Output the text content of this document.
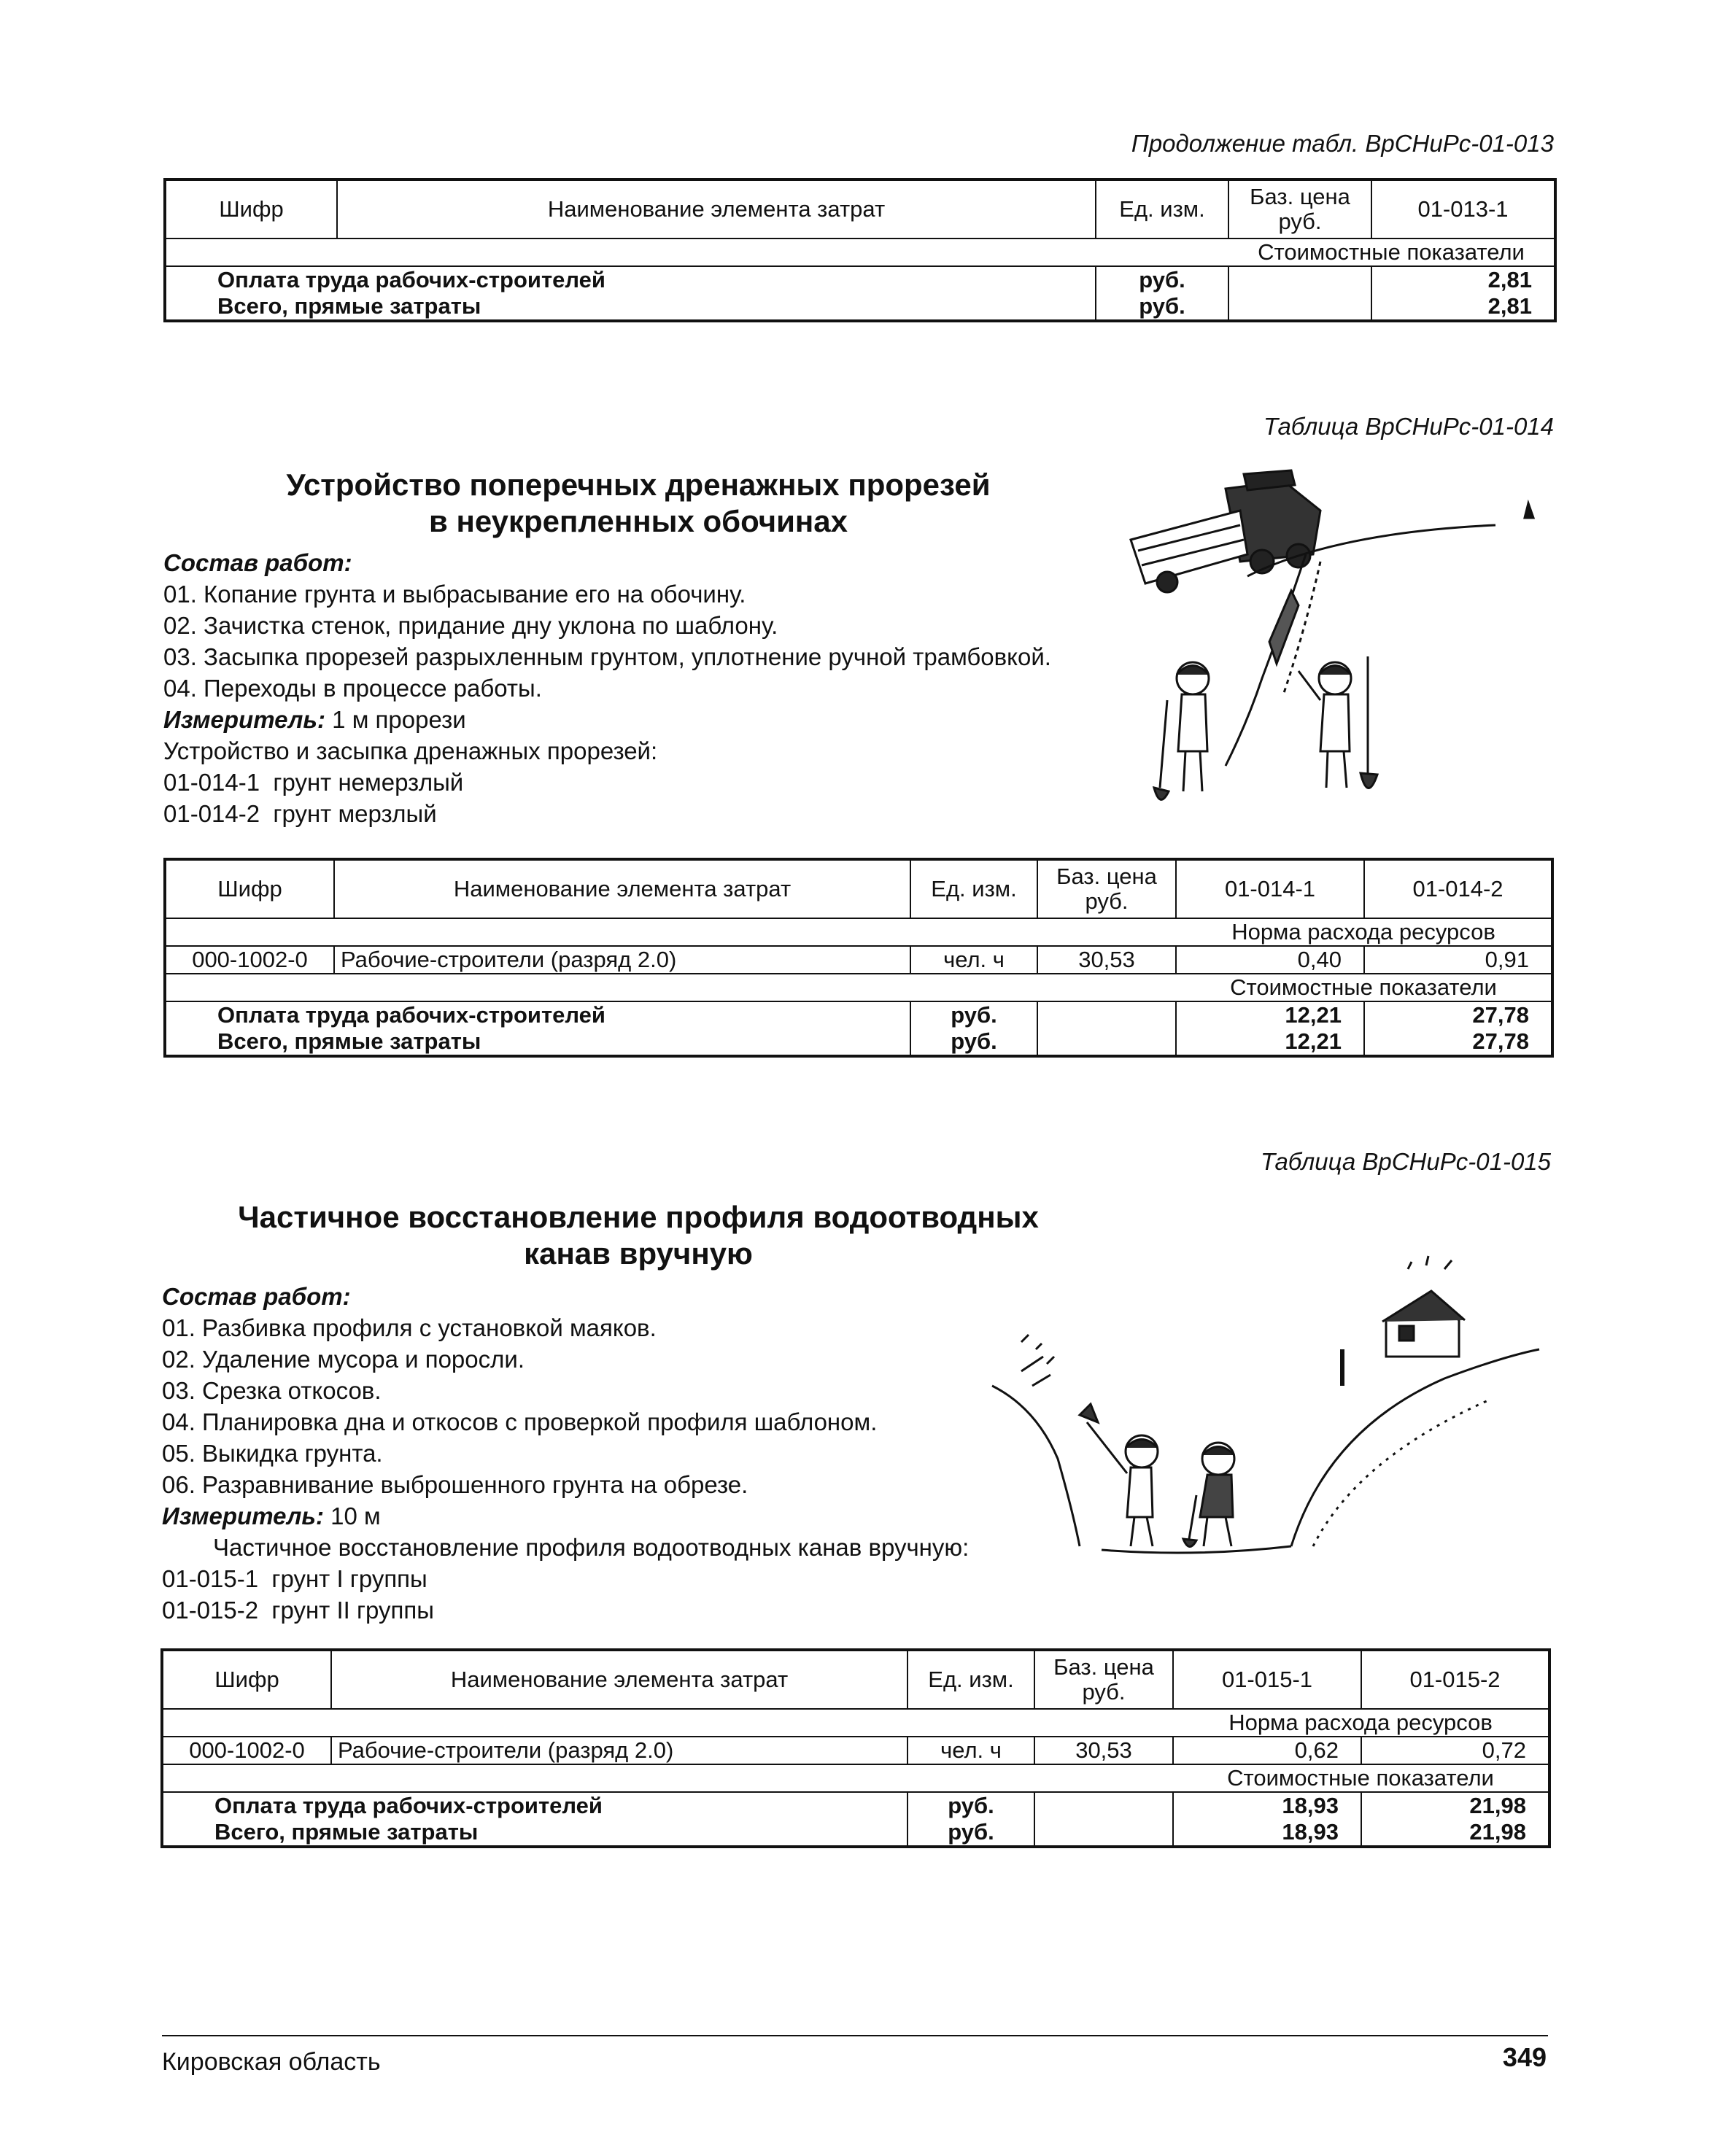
Продолжение табл. ВрСНиРс-01-013
Шифр	Наименование элемента затрат	Ед. изм.	Баз. цена руб.	01-013-1
			Стоимостные показатели	
Оплата труда рабочих-строителей		руб.		2,81
Всего, прямые затраты		руб.		2,81
Таблица ВрСНиРс-01-014
Устройство поперечных дренажных прорезей
в неукрепленных обочинах
Состав работ:
01. Копание грунта и выбрасывание его на обочину.
02. Зачистка стенок, придание дну уклона по шаблону.
03. Засыпка прорезей разрыхленным грунтом, уплотнение ручной трамбовкой.
04. Переходы в процессе работы.
Измеритель: 1 м прорези
Устройство и засыпка дренажных прорезей:
01-014-1  грунт немерзлый
01-014-2  грунт мерзлый
Шифр	Наименование элемента затрат	Ед. изм.	Баз. цена руб.	01-014-1	01-014-2
				Норма расхода ресурсов	
000-1002-0	Рабочие-строители (разряд 2.0)	чел. ч	30,53	0,40	0,91
				Стоимостные показатели	
Оплата труда рабочих-строителей		руб.		12,21	27,78
Всего, прямые затраты		руб.		12,21	27,78
Таблица ВрСНиРс-01-015
Частичное восстановление профиля водоотводных
канав вручную
Состав работ:
01. Разбивка профиля с установкой маяков.
02. Удаление мусора и поросли.
03. Срезка откосов.
04. Планировка дна и откосов с проверкой профиля шаблоном.
05. Выкидка грунта.
06. Разравнивание выброшенного грунта на обрезе.
Измеритель: 10 м
Частичное восстановление профиля водоотводных канав вручную:
01-015-1  грунт I группы
01-015-2  грунт II группы
Шифр	Наименование элемента затрат	Ед. изм.	Баз. цена руб.	01-015-1	01-015-2
				Норма расхода ресурсов	
000-1002-0	Рабочие-строители (разряд 2.0)	чел. ч	30,53	0,62	0,72
				Стоимостные показатели	
Оплата труда рабочих-строителей		руб.		18,93	21,98
Всего, прямые затраты		руб.		18,93	21,98
Кировская область	349
